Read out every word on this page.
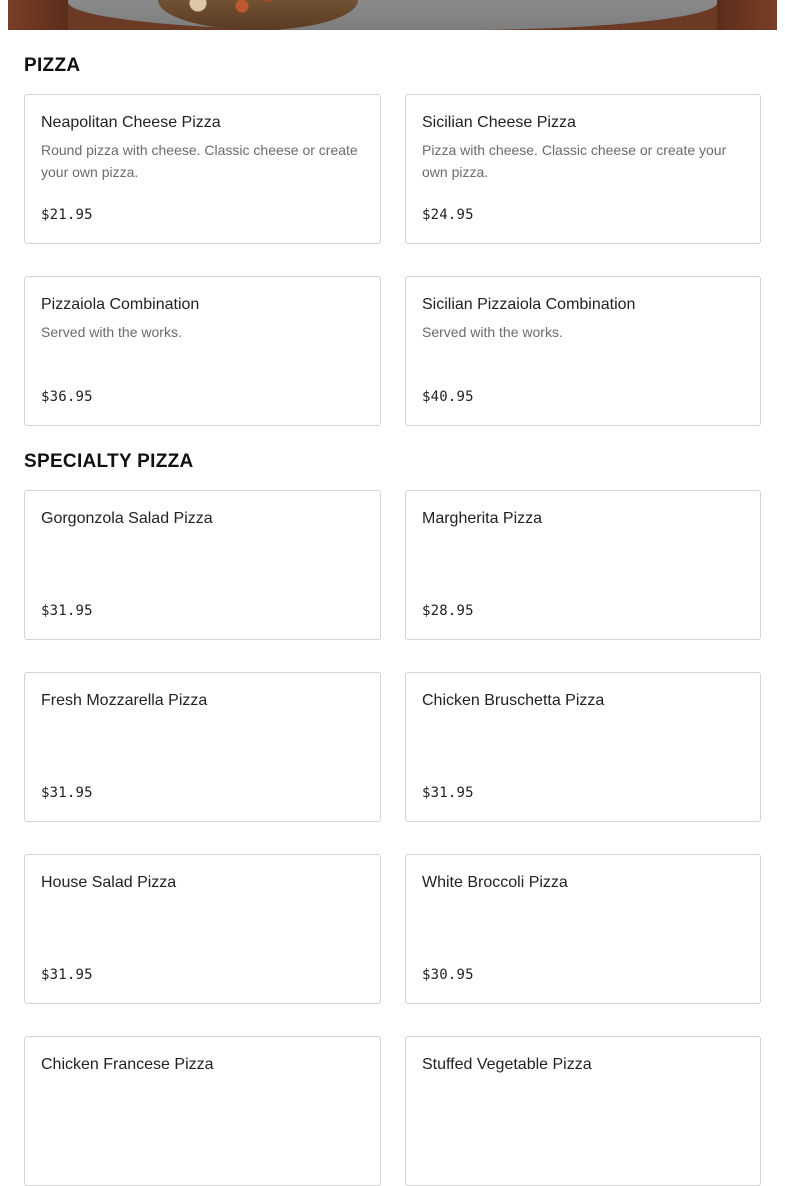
PIZZA
Neapolitan Cheese Pizza
Round pizza with cheese. Classic cheese or create your own pizza.
$21.95
Sicilian Cheese Pizza
Pizza with cheese. Classic cheese or create your own pizza.
$24.95
Pizzaiola Combination
Served with the works.
$36.95
Sicilian Pizzaiola Combination
Served with the works.
$40.95
SPECIALTY PIZZA
Gorgonzola Salad Pizza
$31.95
Margherita Pizza
$28.95
Fresh Mozzarella Pizza
$31.95
Chicken Bruschetta Pizza
$31.95
House Salad Pizza
$31.95
White Broccoli Pizza
$30.95
Chicken Francese Pizza	Stuffed Vegetable Pizza
